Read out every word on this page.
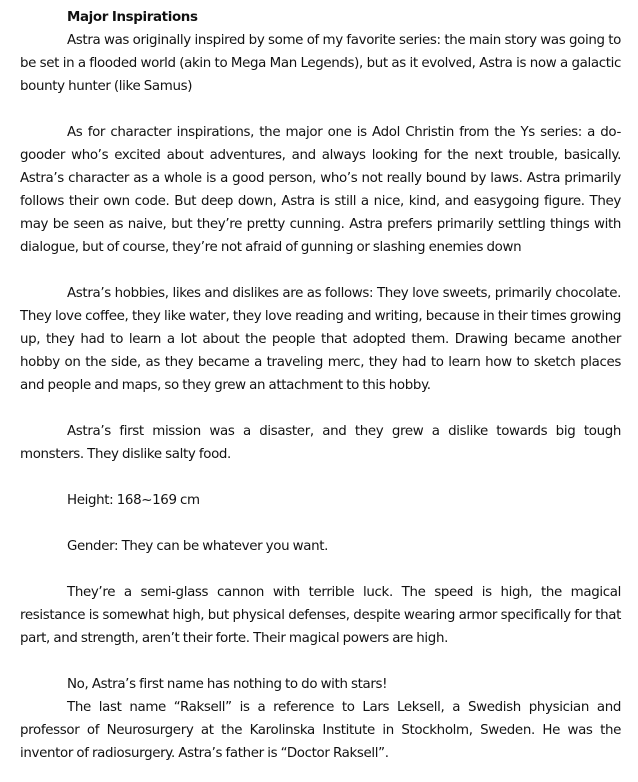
Major Inspirations

Astra was originally inspired by some of my favorite series: the main story was going to be set in a flooded world (akin to Mega Man Legends), but as it evolved, Astra is now a galactic bounty hunter (like Samus)

As for character inspirations, the major one is Adol Christin from the Ys series: a do-gooder who’s excited about adventures, and always looking for the next trouble, basically. Astra’s character as a whole is a good person, who’s not really bound by laws. Astra primarily follows their own code. But deep down, Astra is still a nice, kind, and easygoing figure. They may be seen as naive, but they’re pretty cunning. Astra prefers primarily settling things with dialogue, but of course, they’re not afraid of gunning or slashing enemies down

Astra’s hobbies, likes and dislikes are as follows: They love sweets, primarily chocolate. They love coffee, they like water, they love reading and writing, because in their times growing up, they had to learn a lot about the people that adopted them. Drawing became another hobby on the side, as they became a traveling merc, they had to learn how to sketch places and people and maps, so they grew an attachment to this hobby.

Astra’s first mission was a disaster, and they grew a dislike towards big tough monsters. They dislike salty food.

Height: 168~169 cm

Gender: They can be whatever you want.

They’re a semi-glass cannon with terrible luck. The speed is high, the magical resistance is somewhat high, but physical defenses, despite wearing armor specifically for that part, and strength, aren’t their forte. Their magical powers are high.

No, Astra’s first name has nothing to do with stars!

The last name “Raksell” is a reference to Lars Leksell, a Swedish physician and professor of Neurosurgery at the Karolinska Institute in Stockholm, Sweden. He was the inventor of radiosurgery. Astra’s father is “Doctor Raksell”.
